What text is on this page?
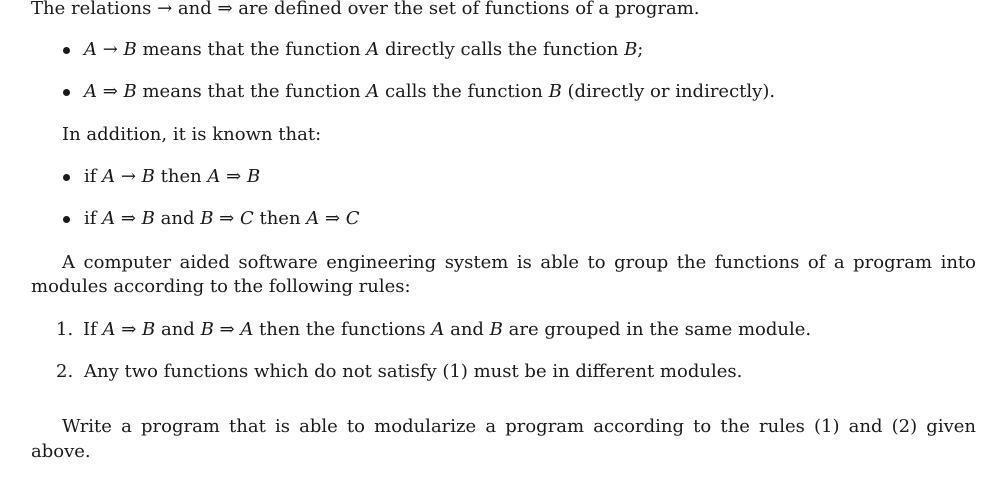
The relations → and ⇒ are defined over the set of functions of a program.
A → B means that the function A directly calls the function B;
A ⇒ B means that the function A calls the function B (directly or indirectly).
In addition, it is known that:
if A → B then A ⇒ B
if A ⇒ B and B ⇒ C then A ⇒ C
A computer aided software engineering system is able to group the functions of a program into
modules according to the following rules:
1. If A ⇒ B and B ⇒ A then the functions A and B are grouped in the same module.
2. Any two functions which do not satisfy (1) must be in different modules.
Write a program that is able to modularize a program according to the rules (1) and (2) given
above.
